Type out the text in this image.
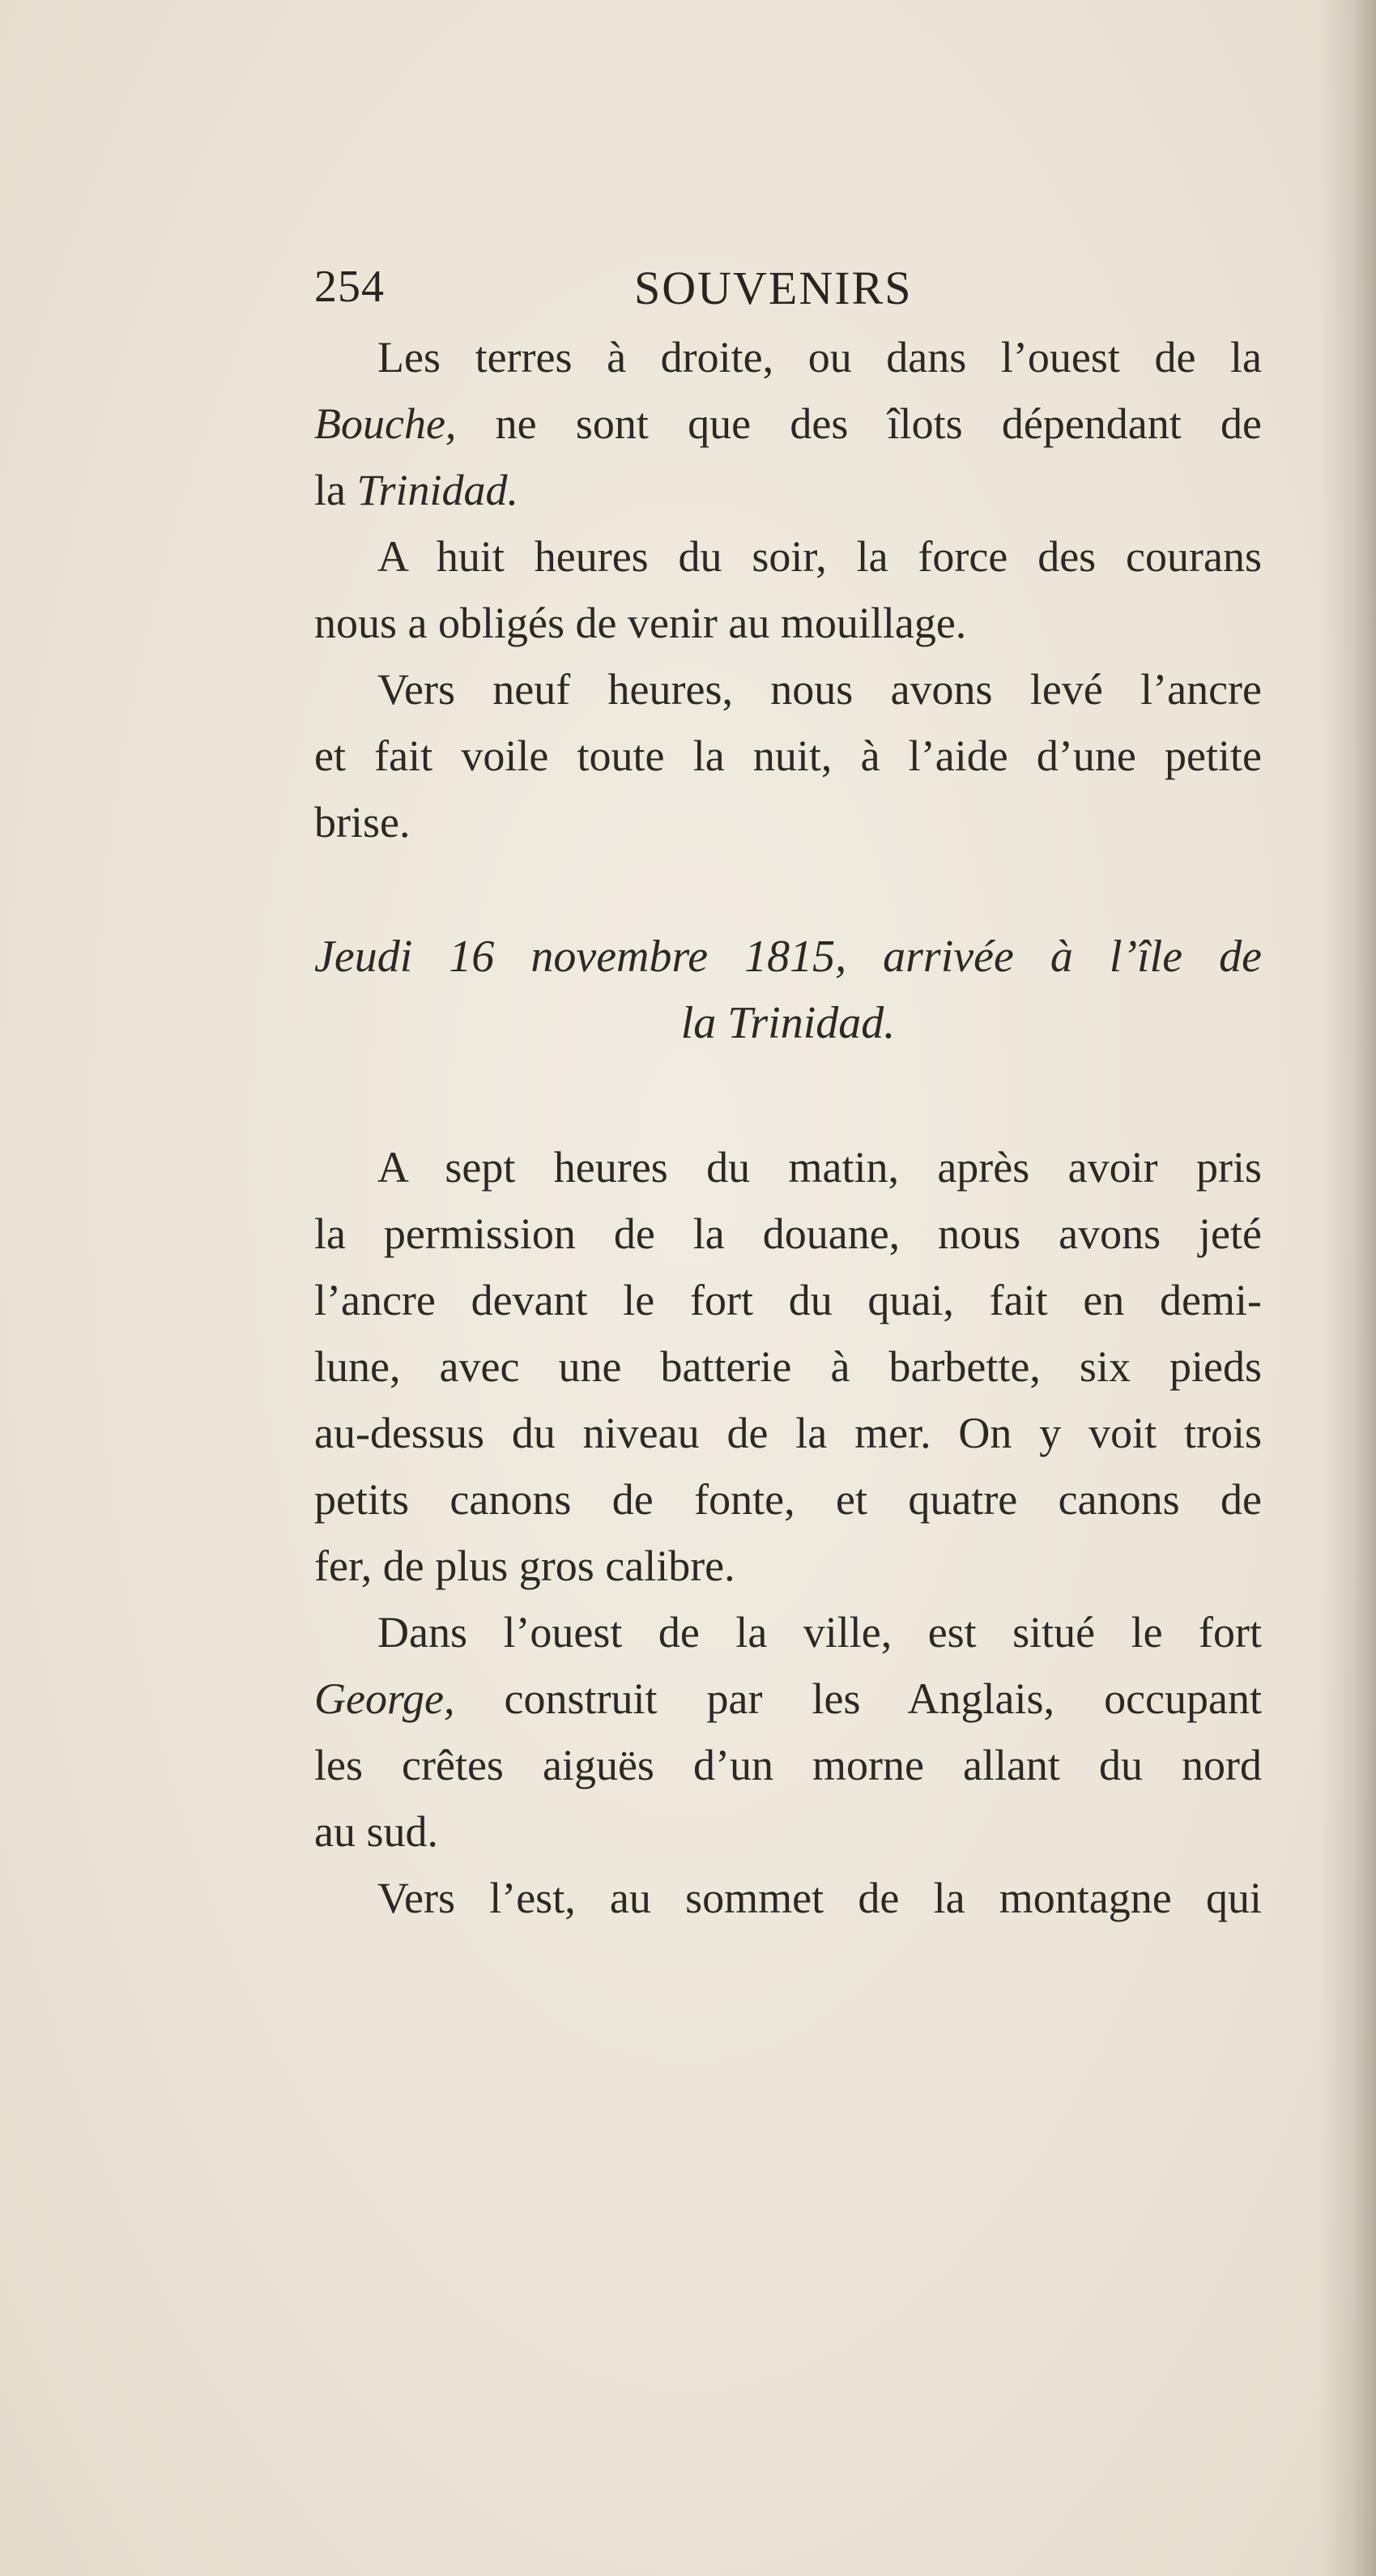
254	SOUVENIRS
Les terres à droite, ou dans l’ouest de la
Bouche, ne sont que des îlots dépendant de
la Trinidad.
A huit heures du soir, la force des courans
nous a obligés de venir au mouillage.
Vers neuf heures, nous avons levé l’ancre
et fait voile toute la nuit, à l’aide d’une petite
brise.
Jeudi 16 novembre 1815, arrivée à l’île de
la Trinidad.
A sept heures du matin, après avoir pris
la permission de la douane, nous avons jeté
l’ancre devant le fort du quai, fait en demi-
lune, avec une batterie à barbette, six pieds
au-dessus du niveau de la mer. On y voit trois
petits canons de fonte, et quatre canons de
fer, de plus gros calibre.
Dans l’ouest de la ville, est situé le fort
George, construit par les Anglais, occupant
les crêtes aiguës d’un morne allant du nord
au sud.
Vers l’est, au sommet de la montagne qui
